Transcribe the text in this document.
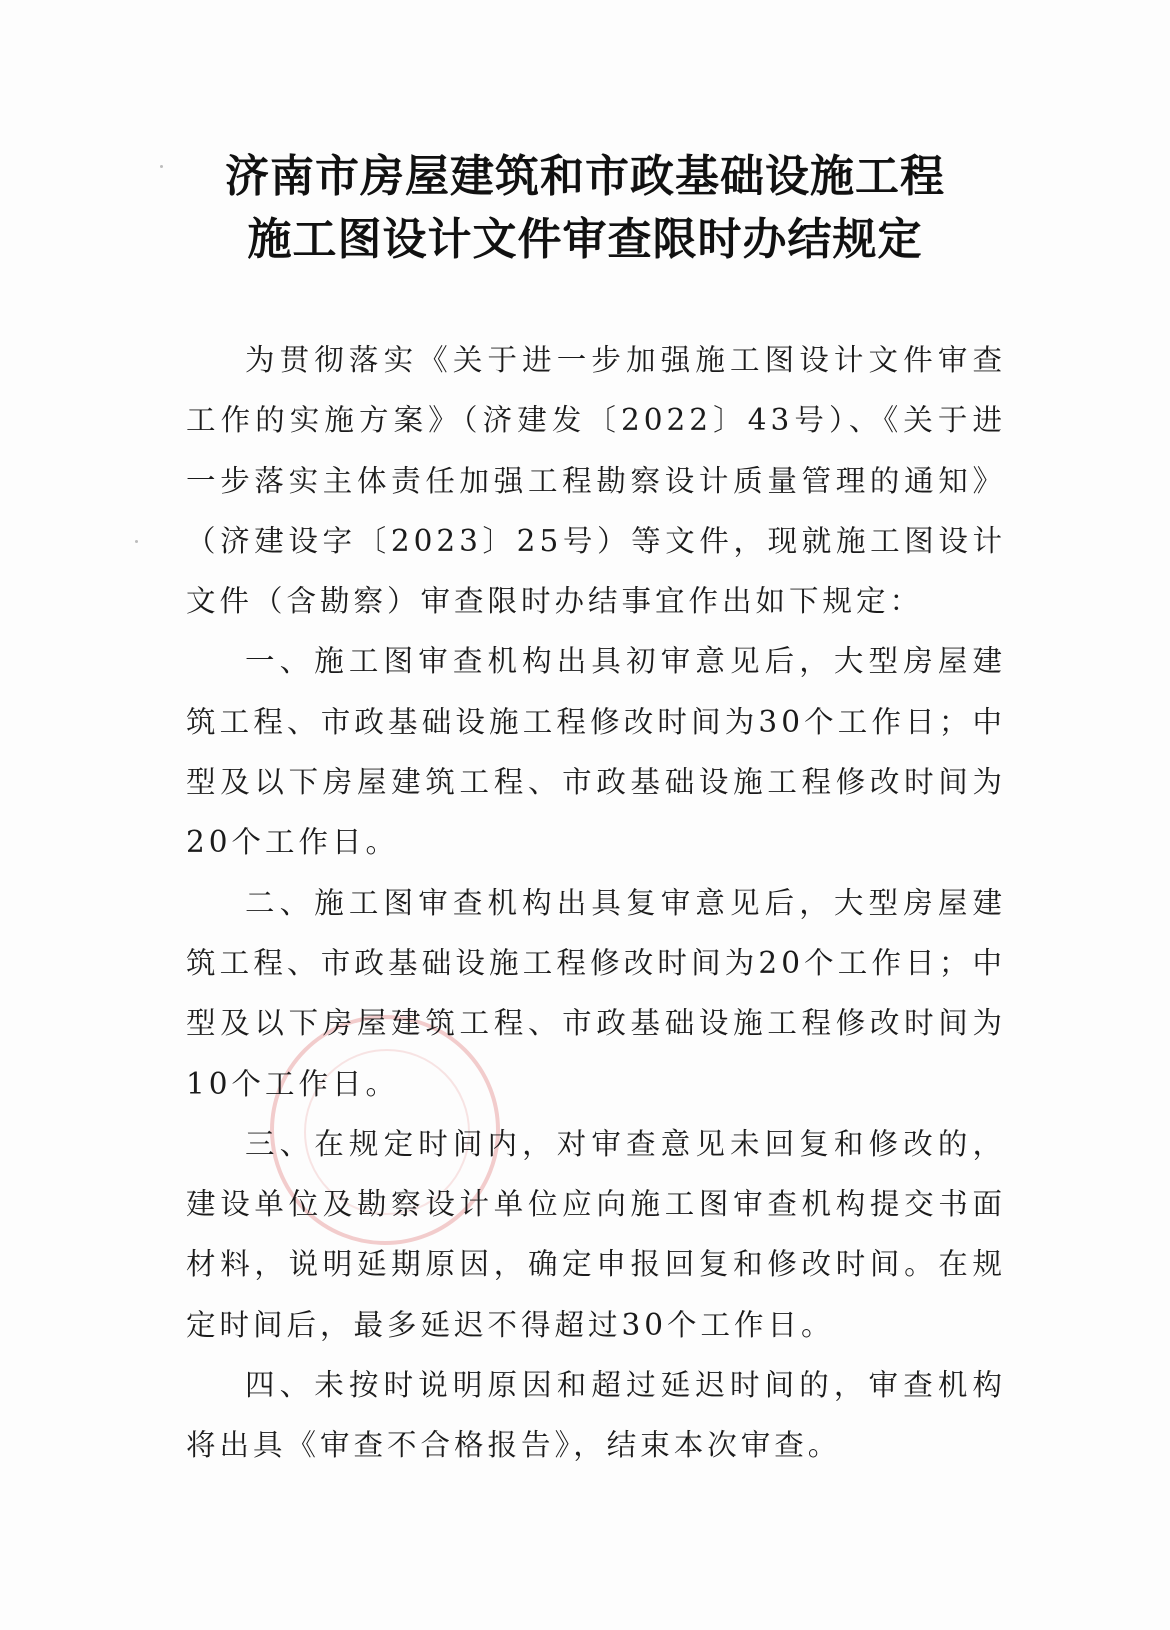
济南市房屋建筑和市政基础设施工程
施工图设计文件审查限时办结规定

为贯彻落实《关于进一步加强施工图设计文件审查工作的实施方案》（济建发〔2022〕43号）、《关于进一步落实主体责任加强工程勘察设计质量管理的通知》（济建设字〔2023〕25号）等文件，现就施工图设计文件（含勘察）审查限时办结事宜作出如下规定：

一、施工图审查机构出具初审意见后，大型房屋建筑工程、市政基础设施工程修改时间为30个工作日；中型及以下房屋建筑工程、市政基础设施工程修改时间为20个工作日。

二、施工图审查机构出具复审意见后，大型房屋建筑工程、市政基础设施工程修改时间为20个工作日；中型及以下房屋建筑工程、市政基础设施工程修改时间为10个工作日。

三、在规定时间内，对审查意见未回复和修改的，建设单位及勘察设计单位应向施工图审查机构提交书面材料，说明延期原因，确定申报回复和修改时间。在规定时间后，最多延迟不得超过30个工作日。

四、未按时说明原因和超过延迟时间的，审查机构将出具《审查不合格报告》，结束本次审查。
